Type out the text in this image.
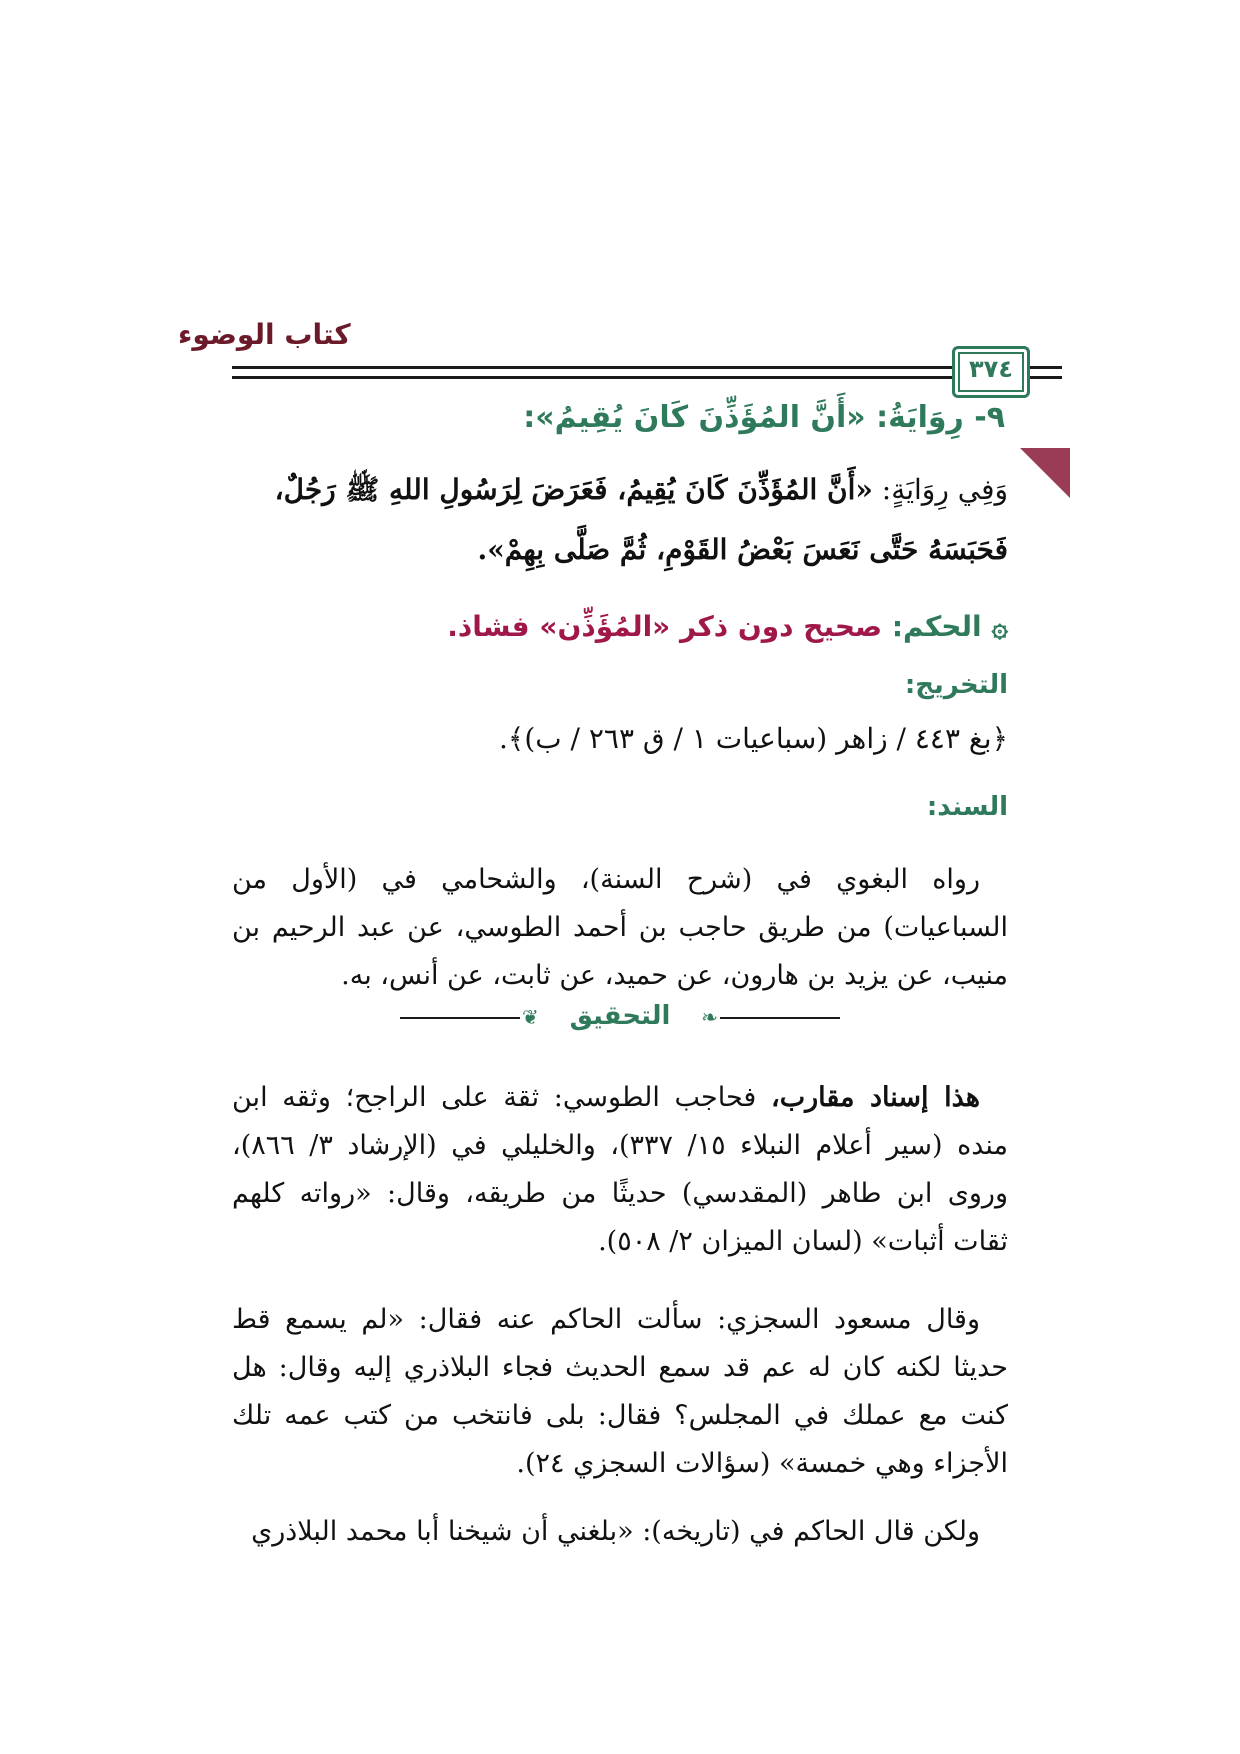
كتاب الوضوء
٣٧٤
٩- رِوَايَةُ: «أَنَّ المُؤَذِّنَ كَانَ يُقِيمُ»:
وَفِي رِوَايَةٍ: «أَنَّ المُؤَذِّنَ كَانَ يُقِيمُ، فَعَرَضَ لِرَسُولِ اللهِ ﷺ رَجُلٌ، فَحَبَسَهُ حَتَّى نَعَسَ بَعْضُ القَوْمِ، ثُمَّ صَلَّى بِهِمْ».
۞الحكم: صحيح دون ذكر «المُؤَذِّن» فشاذ.
التخريج:
﴿بغ ٤٤٣ / زاهر (سباعيات ١ / ق ٢٦٣ / ب)﴾.
السند:
رواه البغوي في (شرح السنة)، والشحامي في (الأول من السباعيات) من طريق حاجب بن أحمد الطوسي، عن عبد الرحيم بن منيب، عن يزيد بن هارون، عن حميد، عن ثابت، عن أنس، به.
❦	التحقيق	❧
هذا إسناد مقارب، فحاجب الطوسي: ثقة على الراجح؛ وثقه ابن منده (سير أعلام النبلاء ١٥/ ٣٣٧)، والخليلي في (الإرشاد ٣/ ٨٦٦)، وروى ابن طاهر (المقدسي) حديثًا من طريقه، وقال: «رواته كلهم ثقات أثبات» (لسان الميزان ٢/ ٥٠٨).
وقال مسعود السجزي: سألت الحاكم عنه فقال: «لم يسمع قط حديثا لكنه كان له عم قد سمع الحديث فجاء البلاذري إليه وقال: هل كنت مع عملك في المجلس؟ فقال: بلى فانتخب من كتب عمه تلك الأجزاء وهي خمسة» (سؤالات السجزي ٢٤).
ولكن قال الحاكم في (تاريخه): «بلغني أن شيخنا أبا محمد البلاذري
